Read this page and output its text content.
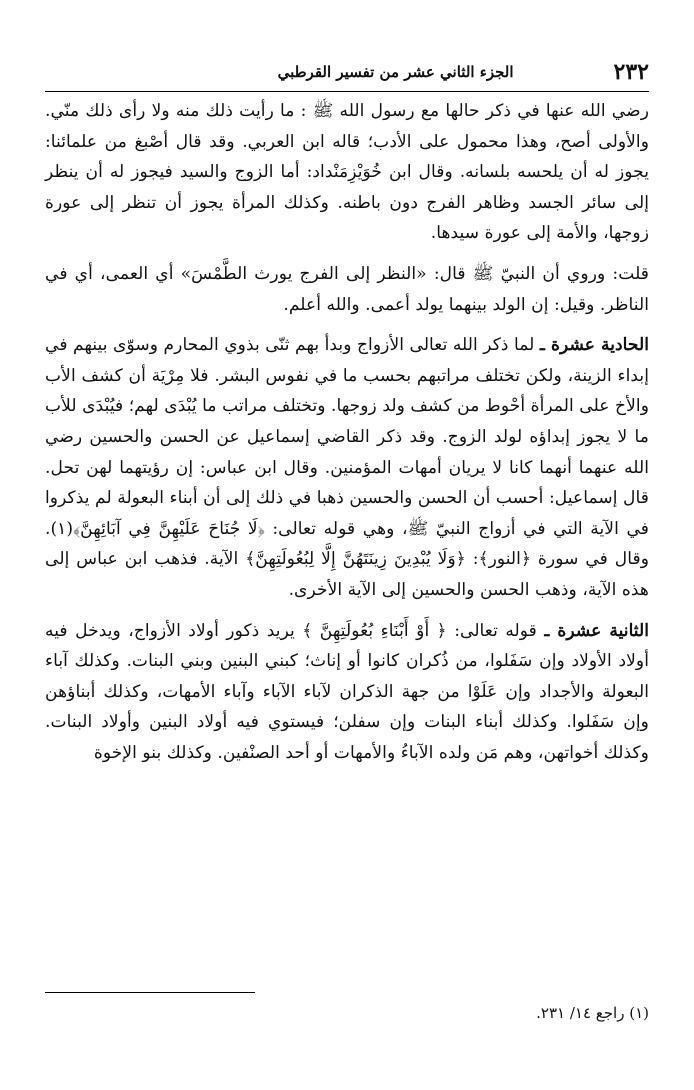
٢٣٢
الجزء الثاني عشر من تفسير القرطبي

رضي الله عنها في ذكر حالها مع رسول الله ﷺ : ما رأيت ذلك منه ولا رأى ذلك منّي. والأولى أصح، وهذا محمول على الأدب؛ قاله ابن العربي. وقد قال أصْبغ من علمائنا: يجوز له أن يلحسه بلسانه. وقال ابن خُوَيْزِمَنْداد: أما الزوج والسيد فيجوز له أن ينظر إلى سائر الجسد وظاهر الفرج دون باطنه. وكذلك المرأة يجوز أن تنظر إلى عورة زوجها، والأمة إلى عورة سيدها.

قلت: وروي أن النبيّ ﷺ قال: «النظر إلى الفرج يورث الطَّمْسَ» أي العمى، أي في الناظر. وقيل: إن الولد بينهما يولد أعمى. والله أعلم.

الحادية عشرة ـ لما ذكر الله تعالى الأزواج وبدأ بهم ثنّى بذوي المحارم وسوّى بينهم في إبداء الزينة، ولكن تختلف مراتبهم بحسب ما في نفوس البشر. فلا مِرْيَة أن كشف الأب والأخ على المرأة أحْوط من كشف ولد زوجها. وتختلف مراتب ما يُبْدَى لهم؛ فيُبْدَى للأب ما لا يجوز إبداؤه لولد الزوج. وقد ذكر القاضي إسماعيل عن الحسن والحسين رضي الله عنهما أنهما كانا لا يريان أمهات المؤمنين. وقال ابن عباس: إن رؤيتهما لهن تحل. قال إسماعيل: أحسب أن الحسن والحسين ذهبا في ذلك إلى أن أبناء البعولة لم يذكروا في الآية التي في أزواج النبيّ ﷺ، وهي قوله تعالى: ﴿لَا جُنَاحَ عَلَيْهِنَّ فِي آبَائِهِنَّ﴾(١). وقال في سورة ﴿النور﴾: ﴿وَلَا يُبْدِينَ زِينَتَهُنَّ إِلَّا لِبُعُولَتِهِنَّ﴾ الآية. فذهب ابن عباس إلى هذه الآية، وذهب الحسن والحسين إلى الآية الأخرى.

الثانية عشرة ـ قوله تعالى: ﴿ أَوْ أَبْنَاءِ بُعُولَتِهِنَّ ﴾ يريد ذكور أولاد الأزواج، ويدخل فيه أولاد الأولاد وإن سَفَلوا، من ذُكران كانوا أو إناث؛ كبني البنين وبني البنات. وكذلك آباء البعولة والأجداد وإن عَلَوْا من جهة الذكران لآباء الآباء وآباء الأمهات، وكذلك أبناؤهن وإن سَفَلوا. وكذلك أبناء البنات وإن سفلن؛ فيستوي فيه أولاد البنين وأولاد البنات. وكذلك أخواتهن، وهم مَن ولده الآباءُ والأمهات أو أحد الصنْفين. وكذلك بنو الإخوة

(١) راجع ١٤/ ٢٣١.
